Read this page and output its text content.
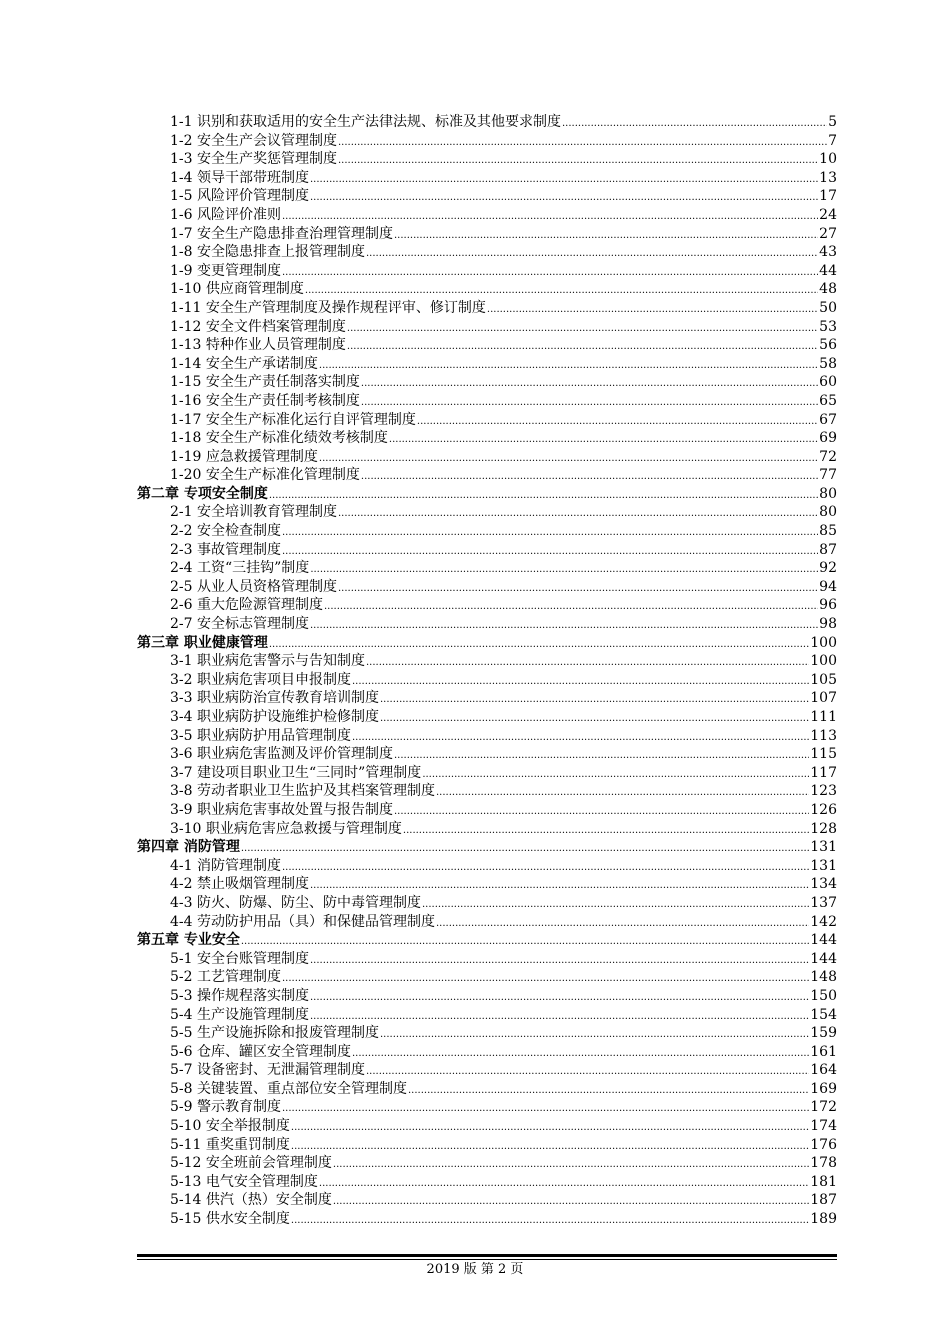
1-1 识别和获取适用的安全生产法律法规、标准及其他要求制度 .....	5
1-2 安全生产会议管理制度 .....	7
1-3 安全生产奖惩管理制度 .....	10
1-4 领导干部带班制度 .....	13
1-5 风险评价管理制度 .....	17
1-6 风险评价准则 .....	24
1-7 安全生产隐患排查治理管理制度 .....	27
1-8 安全隐患排查上报管理制度 .....	43
1-9 变更管理制度 .....	44
1-10 供应商管理制度 .....	48
1-11 安全生产管理制度及操作规程评审、修订制度 .....	50
1-12 安全文件档案管理制度 .....	53
1-13 特种作业人员管理制度 .....	56
1-14 安全生产承诺制度 .....	58
1-15 安全生产责任制落实制度 .....	60
1-16 安全生产责任制考核制度 .....	65
1-17 安全生产标准化运行自评管理制度 .....	67
1-18 安全生产标准化绩效考核制度 .....	69
1-19 应急救援管理制度 .....	72
1-20 安全生产标准化管理制度 .....	77
第二章 专项安全制度 .....	80
2-1 安全培训教育管理制度 .....	80
2-2 安全检查制度 .....	85
2-3 事故管理制度 .....	87
2-4 工资“三挂钩”制度 .....	92
2-5 从业人员资格管理制度 .....	94
2-6 重大危险源管理制度 .....	96
2-7 安全标志管理制度 .....	98
第三章 职业健康管理 .....	100
3-1 职业病危害警示与告知制度 .....	100
3-2 职业病危害项目申报制度 .....	105
3-3 职业病防治宣传教育培训制度 .....	107
3-4 职业病防护设施维护检修制度 .....	111
3-5 职业病防护用品管理制度 .....	113
3-6 职业病危害监测及评价管理制度 .....	115
3-7 建设项目职业卫生“三同时”管理制度 .....	117
3-8 劳动者职业卫生监护及其档案管理制度 .....	123
3-9 职业病危害事故处置与报告制度 .....	126
3-10 职业病危害应急救援与管理制度 .....	128
第四章 消防管理 .....	131
4-1 消防管理制度 .....	131
4-2 禁止吸烟管理制度 .....	134
4-3 防火、防爆、防尘、防中毒管理制度 .....	137
4-4 劳动防护用品（具）和保健品管理制度 .....	142
第五章 专业安全 .....	144
5-1 安全台账管理制度 .....	144
5-2 工艺管理制度 .....	148
5-3 操作规程落实制度 .....	150
5-4 生产设施管理制度 .....	154
5-5 生产设施拆除和报废管理制度 .....	159
5-6 仓库、罐区安全管理制度 .....	161
5-7 设备密封、无泄漏管理制度 .....	164
5-8 关键装置、重点部位安全管理制度 .....	169
5-9 警示教育制度 .....	172
5-10 安全举报制度 .....	174
5-11 重奖重罚制度 .....	176
5-12 安全班前会管理制度 .....	178
5-13 电气安全管理制度 .....	181
5-14 供汽（热）安全制度 .....	187
5-15 供水安全制度 .....	189
2019 版 第 2 页
